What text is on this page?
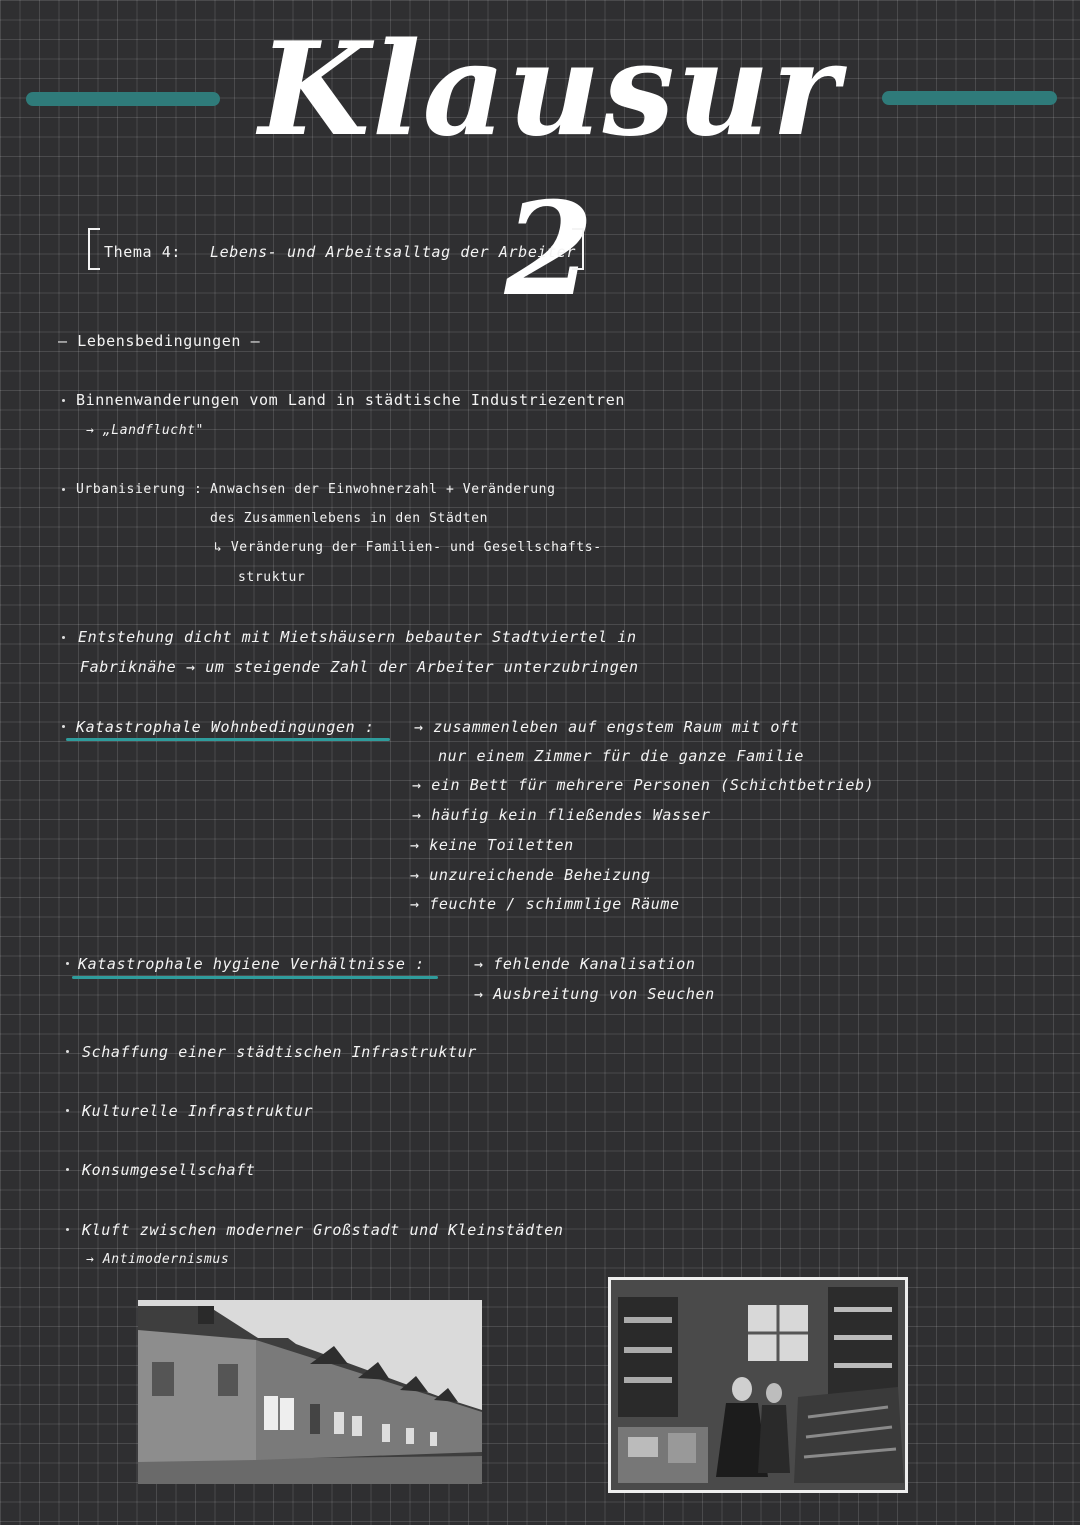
Klausur 2
Thema 4: Lebens- und Arbeitsalltag der Arbeiter
— Lebensbedingungen —
Binnenwanderungen vom Land in städtische Industriezentren
→ „Landflucht"
Urbanisierung : Anwachsen der Einwohnerzahl + Veränderung
des Zusammenlebens in den Städten
↳ Veränderung der Familien- und Gesellschafts-
struktur
Entstehung dicht mit Mietshäusern bebauter Stadtviertel in
Fabriknähe → um steigende Zahl der Arbeiter unterzubringen
Katastrophale Wohnbedingungen :	→ zusammenleben auf engstem Raum mit oft
nur einem Zimmer für die ganze Familie
→ ein Bett für mehrere Personen (Schichtbetrieb)
→ häufig kein fließendes Wasser
→ keine Toiletten
→ unzureichende Beheizung
→ feuchte / schimmlige Räume
Katastrophale hygiene Verhältnisse :	→ fehlende Kanalisation
→ Ausbreitung von Seuchen
Schaffung einer städtischen Infrastruktur
Kulturelle Infrastruktur
Konsumgesellschaft
Kluft zwischen moderner Großstadt und Kleinstädten
→ Antimodernismus
